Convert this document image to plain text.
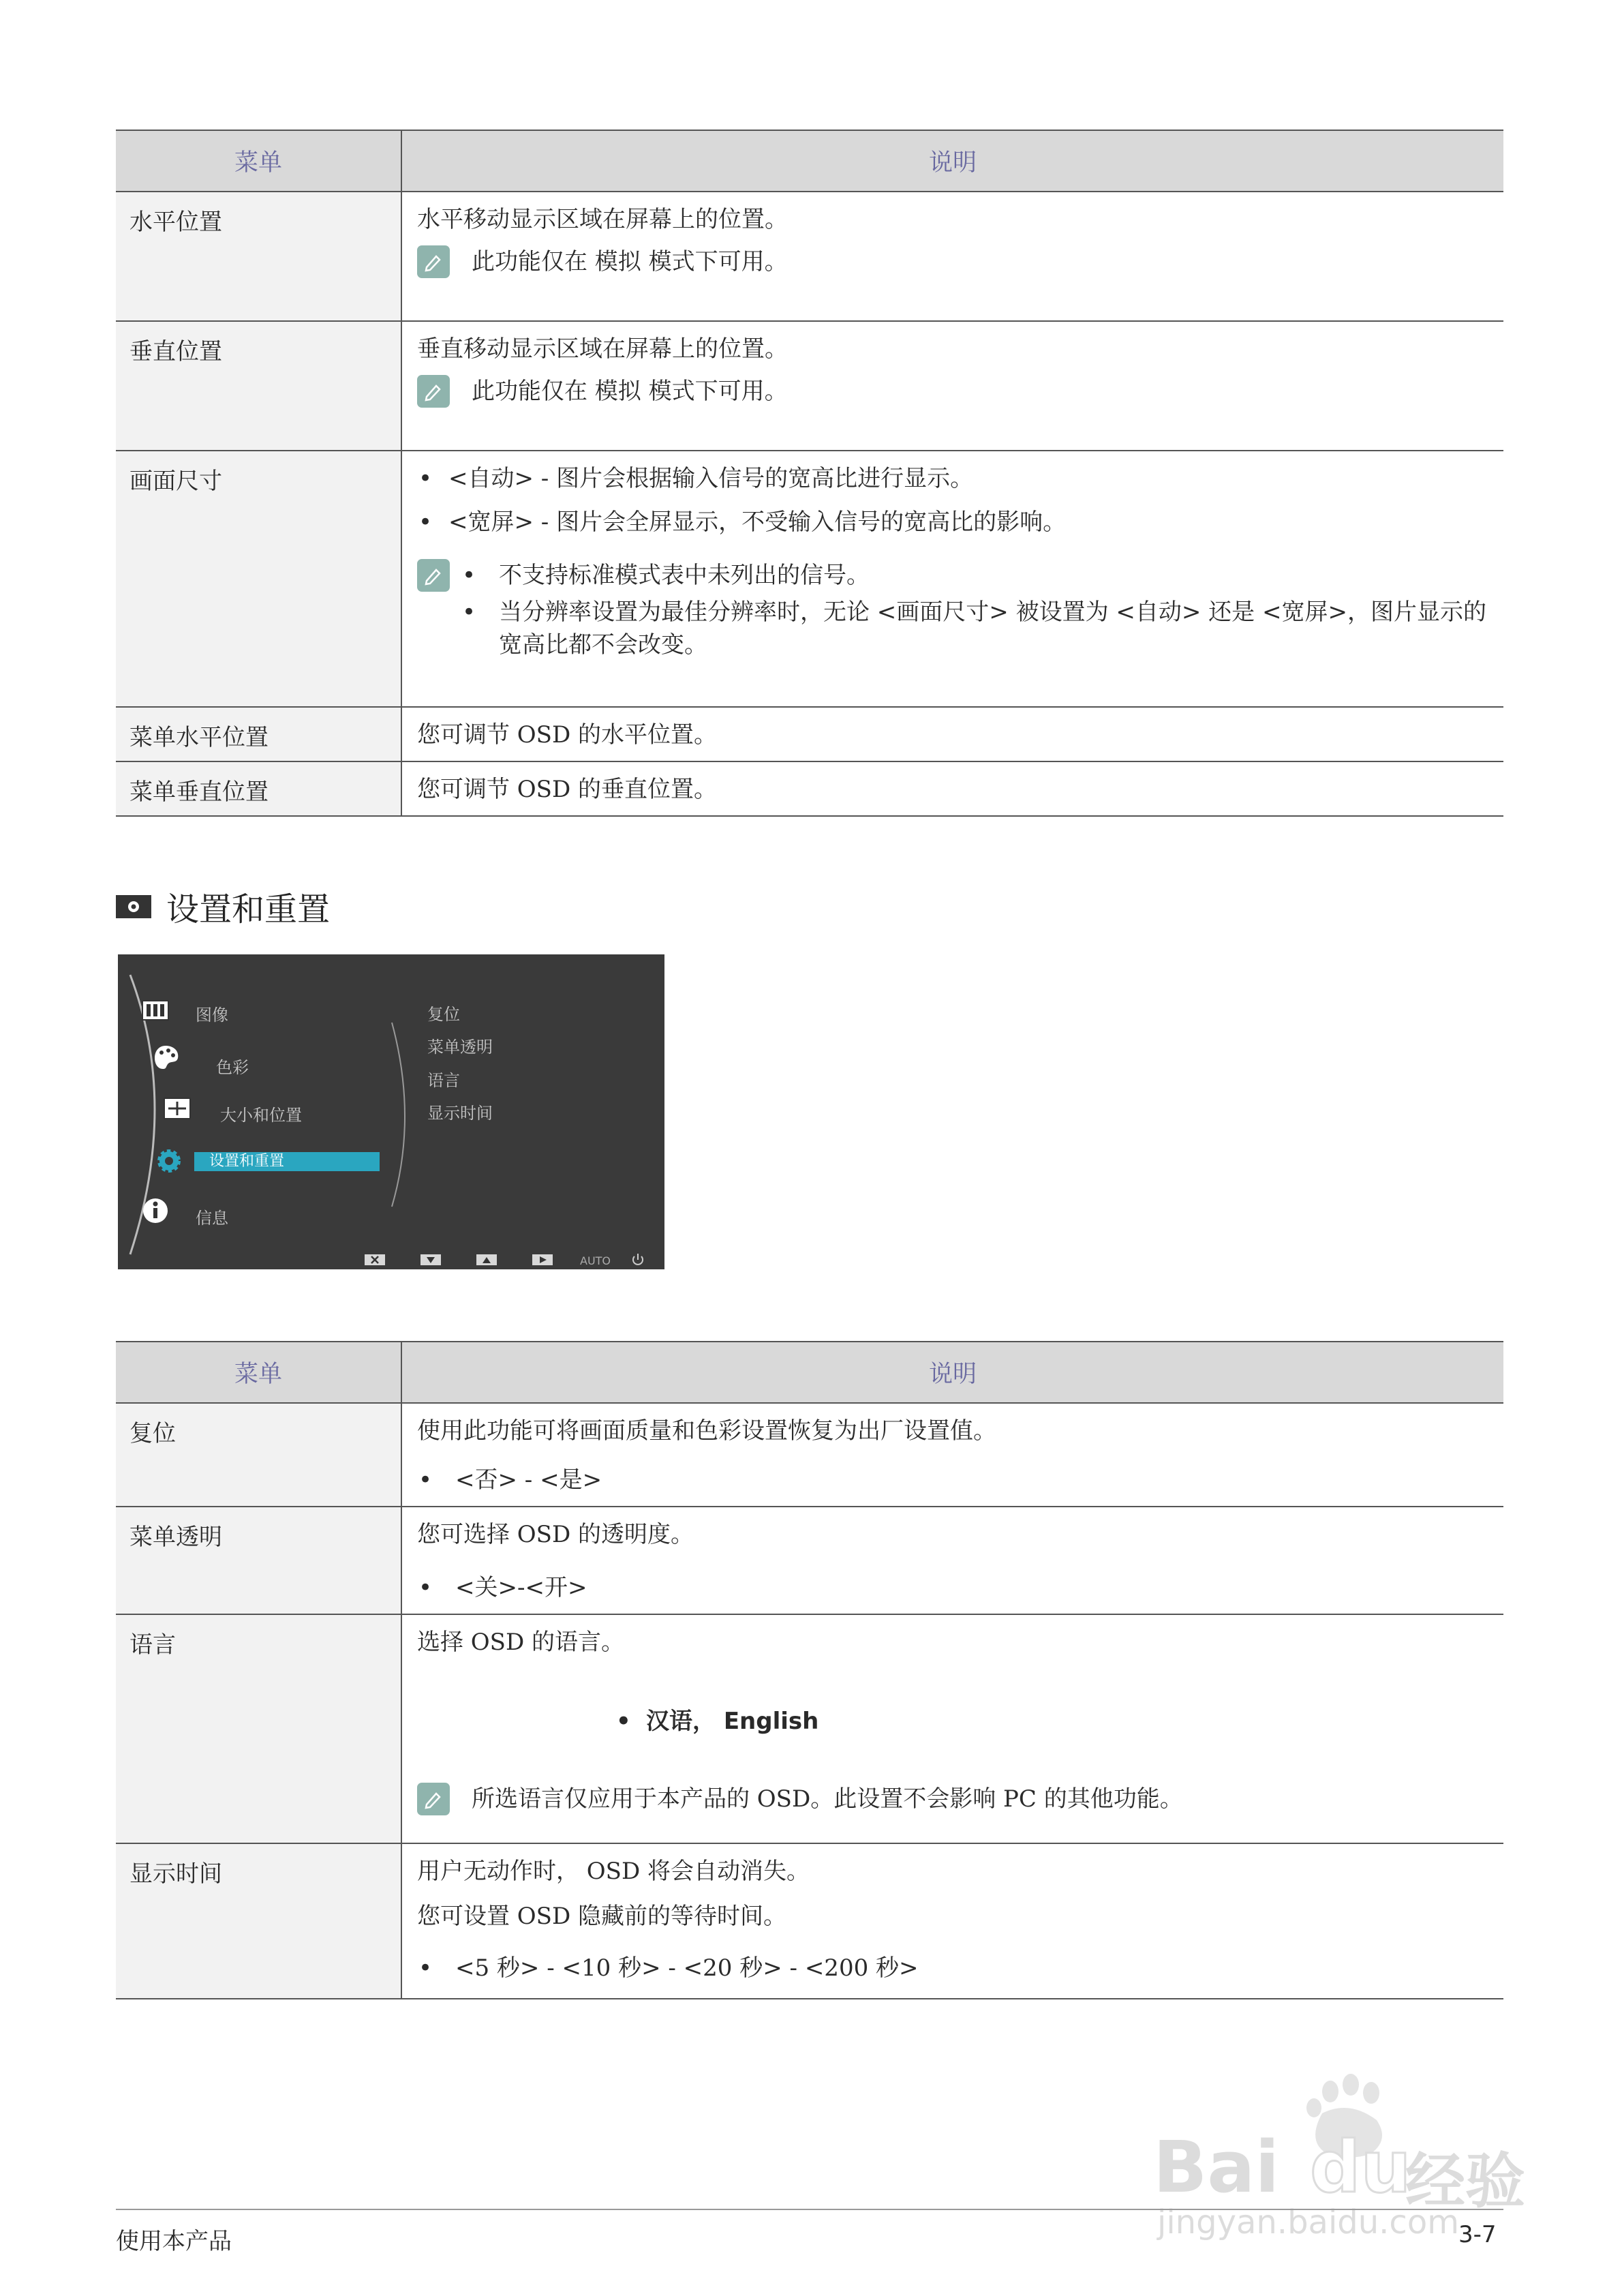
菜单	说明
水平位置	水平移动显示区域在屏幕上的位置。
此功能仅在 模拟 模式下可用。

垂直位置	垂直移动显示区域在屏幕上的位置。
此功能仅在 模拟 模式下可用。

画面尺寸	• <自动> - 图片会根据输入信号的宽高比进行显示。
• <宽屏> - 图片会全屏显示，不受输入信号的宽高比的影响。
• 不支持标准模式表中未列出的信号。
• 当分辨率设置为最佳分辨率时，无论 <画面尺寸> 被设置为 <自动> 还是 <宽屏>，图片显示的宽高比都不会改变。

菜单水平位置	您可调节 OSD 的水平位置。

菜单垂直位置	您可调节 OSD 的垂直位置。
设置和重置
图像
色彩
大小和位置
设置和重置
信息
复位
菜单透明
语言
显示时间
AUTO
菜单	说明
复位	使用此功能可将画面质量和色彩设置恢复为出厂设置值。
• <否> - <是>

菜单透明	您可选择 OSD 的透明度。
• <关>-<开>

语言	选择 OSD 的语言。
• 汉语， English
所选语言仅应用于本产品的 OSD。此设置不会影响 PC 的其他功能。

显示时间	用户无动作时， OSD 将会自动消失。
您可设置 OSD 隐藏前的等待时间。
• <5 秒> - <10 秒> - <20 秒> - <200 秒>
Bai du
经验
jingyan.baidu.com
使用本产品	3-7
